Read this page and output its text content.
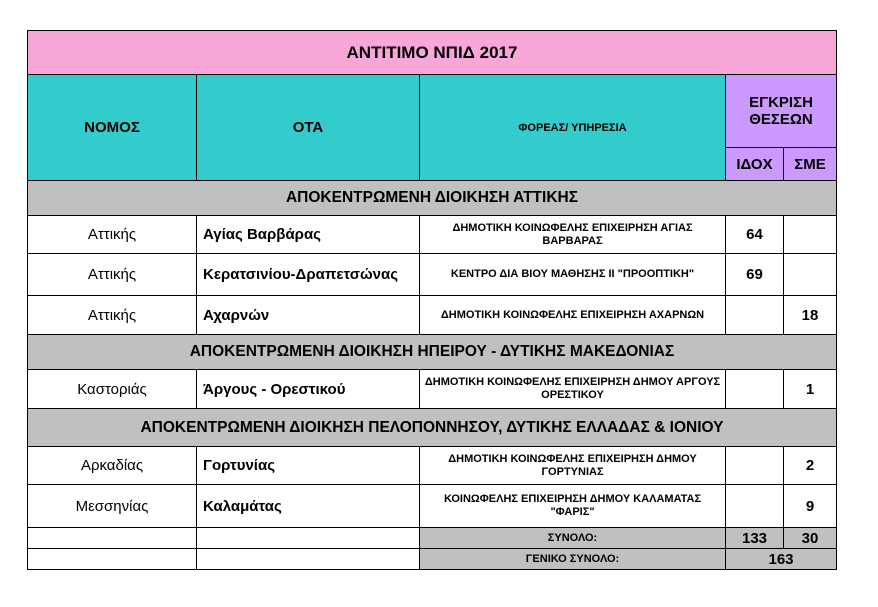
ΑΝΤΙΤΙΜΟ ΝΠΙΔ 2017				
ΝΟΜΟΣ	ΟΤΑ	ΦΟΡΕΑΣ/ ΥΠΗΡΕΣΙΑ	ΕΓΚΡΙΣΗ ΘΕΣΕΩΝ	
			ΙΔΟΧ	ΣΜΕ
ΑΠΟΚΕΝΤΡΩΜΕΝΗ ΔΙΟΙΚΗΣΗ ΑΤΤΙΚΗΣ				
Αττικής	Αγίας Βαρβάρας	ΔΗΜΟΤΙΚΗ ΚΟΙΝΩΦΕΛΗΣ ΕΠΙΧΕΙΡΗΣΗ ΑΓΙΑΣ ΒΑΡΒΑΡΑΣ	64	
Αττικής	Κερατσινίου-Δραπετσώνας	ΚΕΝΤΡΟ ΔΙΑ ΒΙΟΥ ΜΑΘΗΣΗΣ ΙΙ "ΠΡΟΟΠΤΙΚΗ"	69	
Αττικής	Αχαρνών	ΔΗΜΟΤΙΚΗ ΚΟΙΝΩΦΕΛΗΣ ΕΠΙΧΕΙΡΗΣΗ ΑΧΑΡΝΩΝ		18
ΑΠΟΚΕΝΤΡΩΜΕΝΗ ΔΙΟΙΚΗΣΗ ΗΠΕΙΡΟΥ - ΔΥΤΙΚΗΣ ΜΑΚΕΔΟΝΙΑΣ				
Καστοριάς	Άργους - Ορεστικού	ΔΗΜΟΤΙΚΗ ΚΟΙΝΩΦΕΛΗΣ ΕΠΙΧΕΙΡΗΣΗ ΔΗΜΟΥ ΑΡΓΟΥΣ ΟΡΕΣΤΙΚΟΥ		1
ΑΠΟΚΕΝΤΡΩΜΕΝΗ ΔΙΟΙΚΗΣΗ ΠΕΛΟΠΟΝΝΗΣΟΥ, ΔΥΤΙΚΗΣ ΕΛΛΑΔΑΣ & ΙΟΝΙΟΥ				
Αρκαδίας	Γορτυνίας	ΔΗΜΟΤΙΚΗ ΚΟΙΝΩΦΕΛΗΣ ΕΠΙΧΕΙΡΗΣΗ ΔΗΜΟΥ ΓΟΡΤΥΝΙΑΣ		2
Μεσσηνίας	Καλαμάτας	ΚΟΙΝΩΦΕΛΗΣ ΕΠΙΧΕΙΡΗΣΗ ΔΗΜΟΥ ΚΑΛΑΜΑΤΑΣ "ΦΑΡΙΣ"		9
		ΣΥΝΟΛΟ:	133	30
		ΓΕΝΙΚΟ ΣΥΝΟΛΟ:	163	
